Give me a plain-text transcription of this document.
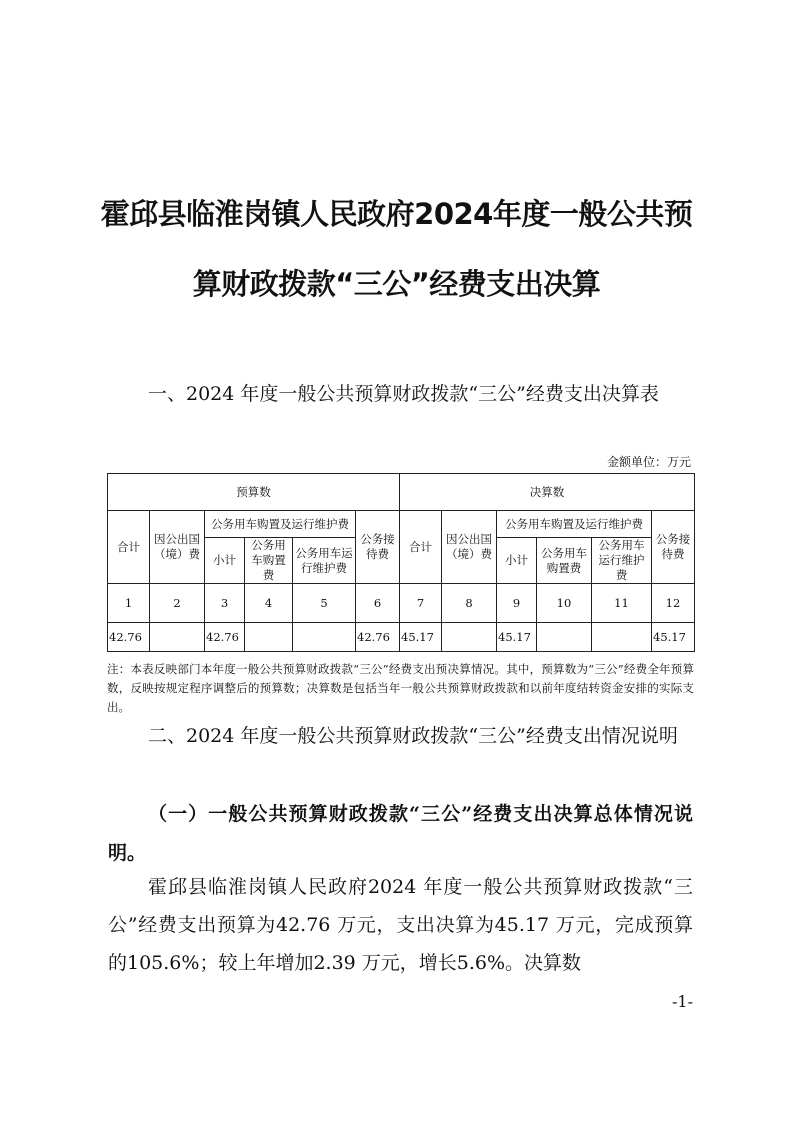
霍邱县临淮岗镇人民政府2024年度一般公共预
算财政拨款“三公”经费支出决算

一、2024 年度一般公共预算财政拨款“三公”经费支出决算表

金额单位：万元

预算数						决算数					
合计	因公出国（境）费	公务用车购置及运行维护费			公务接待费	合计	因公出国（境）费	公务用车购置及运行维护费			公务接待费
		小计	公务用车购置费	公务用车运行维护费				小计	公务用车购置费	公务用车运行维护费	
1	2	3	4	5	6	7	8	9	10	11	12
42.76		42.76			42.76	45.17		45.17			45.17

注：本表反映部门本年度一般公共预算财政拨款“三公”经费支出预决算情况。其中，预算数为“三公”经费全年预算数，反映按规定程序调整后的预算数；决算数是包括当年一般公共预算财政拨款和以前年度结转资金安排的实际支出。

二、2024 年度一般公共预算财政拨款“三公”经费支出情况说明

（一）一般公共预算财政拨款“三公”经费支出决算总体情况说明。

霍邱县临淮岗镇人民政府2024 年度一般公共预算财政拨款“三公”经费支出预算为42.76 万元，支出决算为45.17 万元，完成预算的105.6%；较上年增加2.39 万元，增长5.6%。决算数

-1-
